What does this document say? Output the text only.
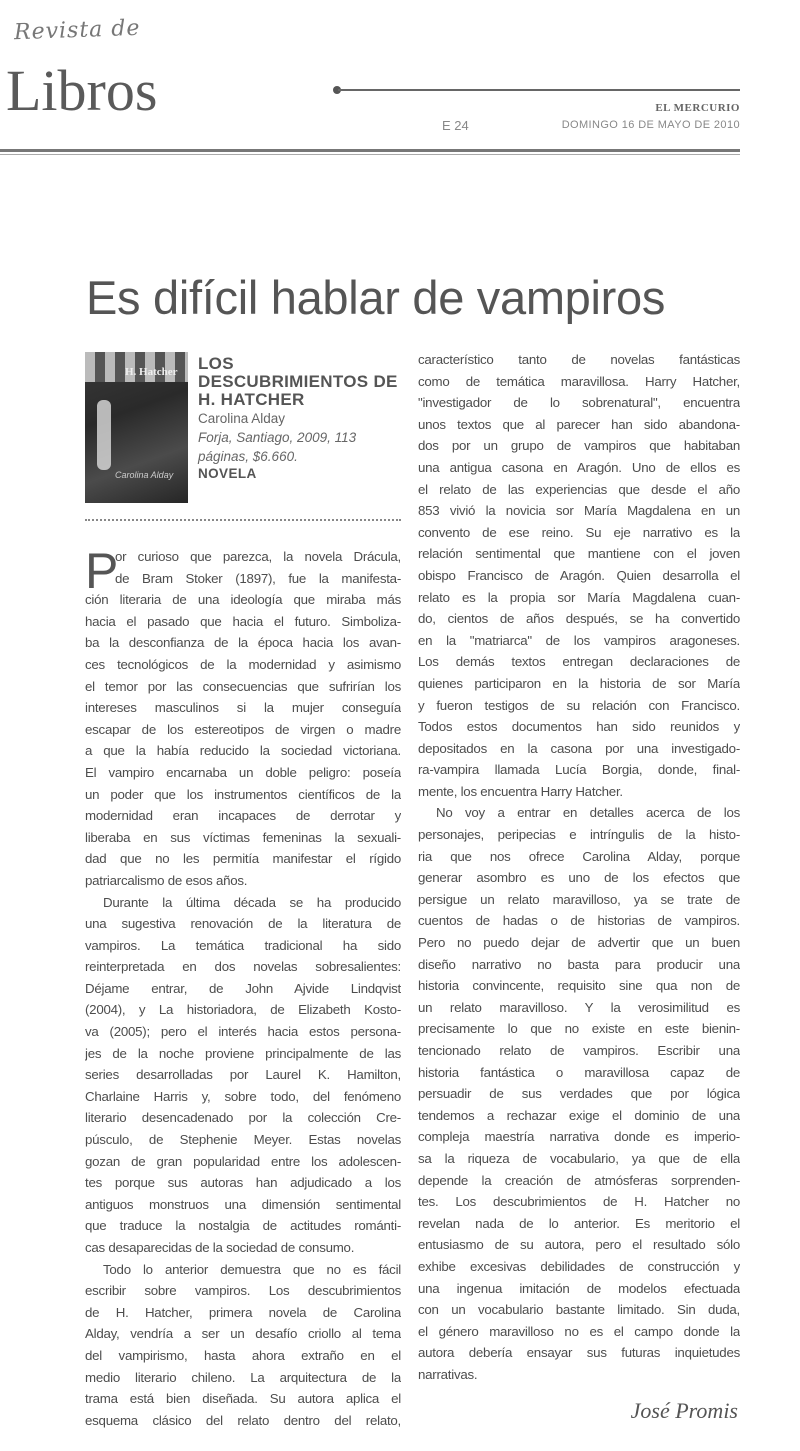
Revista de
Libros	EL MERCURIO
E 24	DOMINGO 16 DE MAYO DE 2010
Es difícil hablar de vampiros
H. Hatcher
Carolina Alday
LOS DESCUBRIMIENTOS DE H. HATCHER
Carolina Alday
Forja, Santiago, 2009, 113 páginas, $6.660.
NOVELA
P
or curioso que parezca, la novela Drácula,
de Bram Stoker (1897), fue la manifesta-
ción literaria de una ideología que miraba más
hacia el pasado que hacia el futuro. Simboliza-
ba la desconfianza de la época hacia los avan-
ces tecnológicos de la modernidad y asimismo
el temor por las consecuencias que sufrirían los
intereses masculinos si la mujer conseguía
escapar de los estereotipos de virgen o madre
a que la había reducido la sociedad victoriana.
El vampiro encarnaba un doble peligro: poseía
un poder que los instrumentos científicos de la
modernidad eran incapaces de derrotar y
liberaba en sus víctimas femeninas la sexuali-
dad que no les permitía manifestar el rígido
patriarcalismo de esos años.
Durante la última década se ha producido
una sugestiva renovación de la literatura de
vampiros. La temática tradicional ha sido
reinterpretada en dos novelas sobresalientes:
Déjame entrar, de John Ajvide Lindqvist
(2004), y La historiadora, de Elizabeth Kosto-
va (2005); pero el interés hacia estos persona-
jes de la noche proviene principalmente de las
series desarrolladas por Laurel K. Hamilton,
Charlaine Harris y, sobre todo, del fenómeno
literario desencadenado por la colección Cre-
púsculo, de Stephenie Meyer. Estas novelas
gozan de gran popularidad entre los adolescen-
tes porque sus autoras han adjudicado a los
antiguos monstruos una dimensión sentimental
que traduce la nostalgia de actitudes románti-
cas desaparecidas de la sociedad de consumo.
Todo lo anterior demuestra que no es fácil
escribir sobre vampiros. Los descubrimientos
de H. Hatcher, primera novela de Carolina
Alday, vendría a ser un desafío criollo al tema
del vampirismo, hasta ahora extraño en el
medio literario chileno. La arquitectura de la
trama está bien diseñada. Su autora aplica el
esquema clásico del relato dentro del relato,
característico tanto de novelas fantásticas
como de temática maravillosa. Harry Hatcher,
"investigador de lo sobrenatural", encuentra
unos textos que al parecer han sido abandona-
dos por un grupo de vampiros que habitaban
una antigua casona en Aragón. Uno de ellos es
el relato de las experiencias que desde el año
853 vivió la novicia sor María Magdalena en un
convento de ese reino. Su eje narrativo es la
relación sentimental que mantiene con el joven
obispo Francisco de Aragón. Quien desarrolla el
relato es la propia sor María Magdalena cuan-
do, cientos de años después, se ha convertido
en la "matriarca" de los vampiros aragoneses.
Los demás textos entregan declaraciones de
quienes participaron en la historia de sor María
y fueron testigos de su relación con Francisco.
Todos estos documentos han sido reunidos y
depositados en la casona por una investigado-
ra-vampira llamada Lucía Borgia, donde, final-
mente, los encuentra Harry Hatcher.
No voy a entrar en detalles acerca de los
personajes, peripecias e intríngulis de la histo-
ria que nos ofrece Carolina Alday, porque
generar asombro es uno de los efectos que
persigue un relato maravilloso, ya se trate de
cuentos de hadas o de historias de vampiros.
Pero no puedo dejar de advertir que un buen
diseño narrativo no basta para producir una
historia convincente, requisito sine qua non de
un relato maravilloso. Y la verosimilitud es
precisamente lo que no existe en este bienin-
tencionado relato de vampiros. Escribir una
historia fantástica o maravillosa capaz de
persuadir de sus verdades que por lógica
tendemos a rechazar exige el dominio de una
compleja maestría narrativa donde es imperio-
sa la riqueza de vocabulario, ya que de ella
depende la creación de atmósferas sorprenden-
tes. Los descubrimientos de H. Hatcher no
revelan nada de lo anterior. Es meritorio el
entusiasmo de su autora, pero el resultado sólo
exhibe excesivas debilidades de construcción y
una ingenua imitación de modelos efectuada
con un vocabulario bastante limitado. Sin duda,
el género maravilloso no es el campo donde la
autora debería ensayar sus futuras inquietudes
narrativas.
José Promis
